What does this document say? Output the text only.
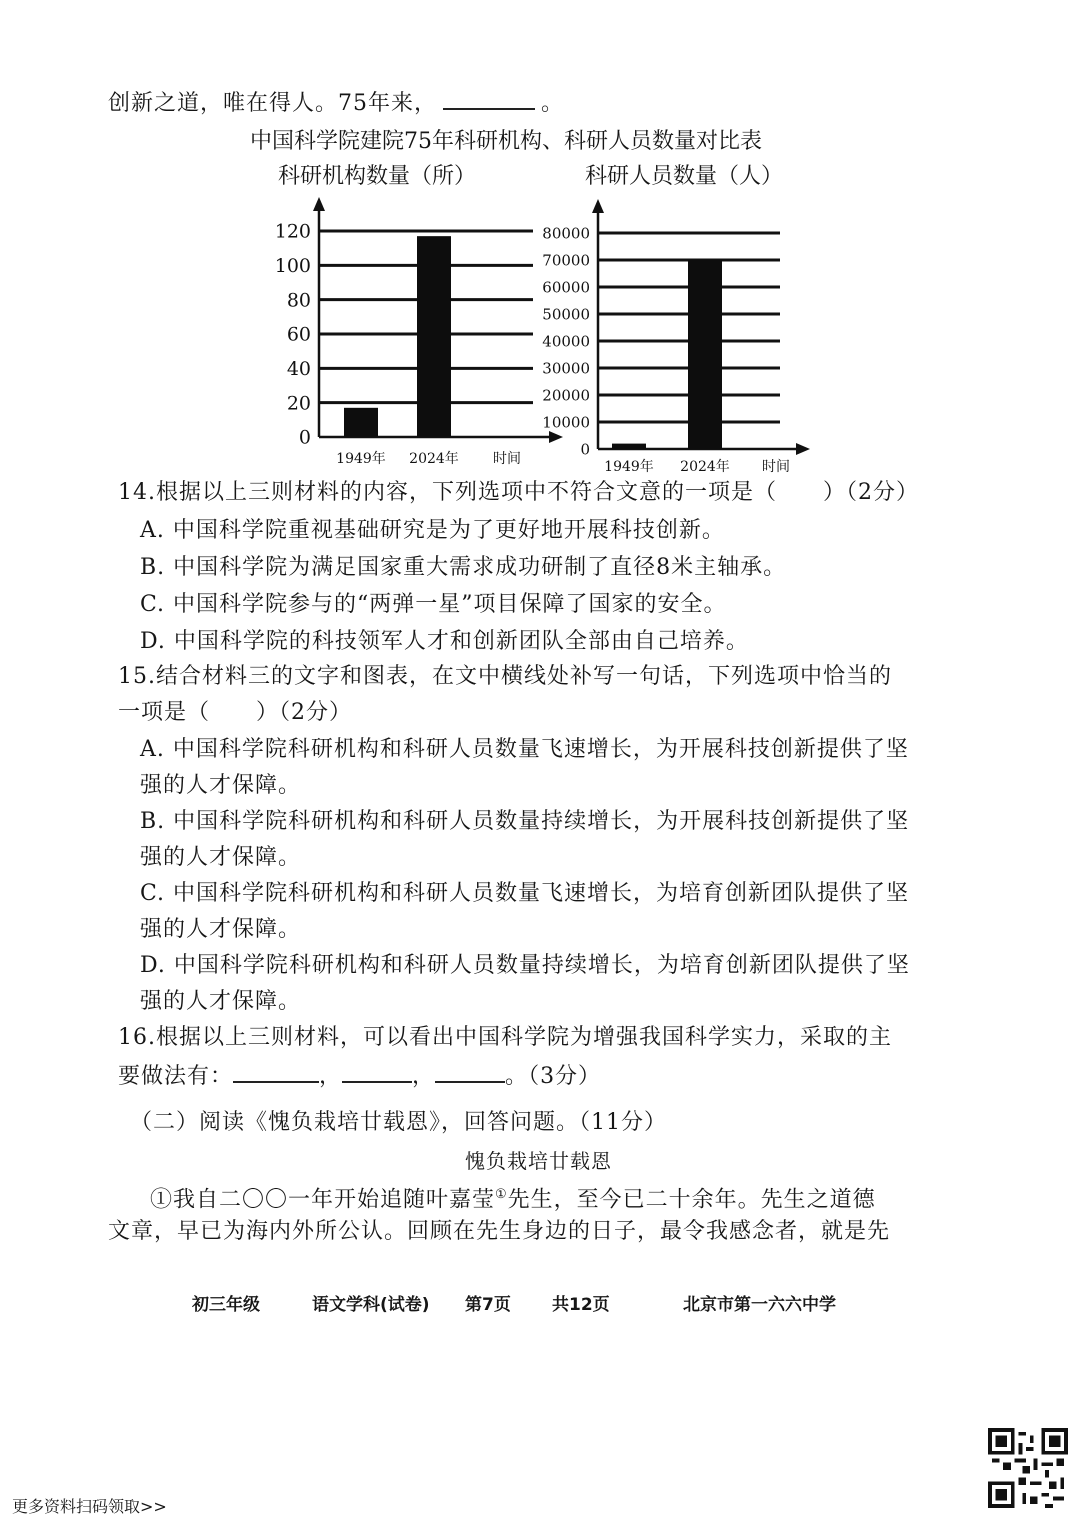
创新之道，唯在得人。75年来，	。
中国科学院建院75年科研机构、科研人员数量对比表
科研机构数量（所）	科研人员数量（人）
0
20
40
60
80
100
120
1949年 2024年 时间
0
10000
20000
30000
40000
50000
60000
70000
80000
1949年 2024年 时间
14.根据以上三则材料的内容，下列选项中不符合文意的一项是（　　）（2分）
A. 中国科学院重视基础研究是为了更好地开展科技创新。
B. 中国科学院为满足国家重大需求成功研制了直径8米主轴承。
C. 中国科学院参与的“两弹一星”项目保障了国家的安全。
D. 中国科学院的科技领军人才和创新团队全部由自己培养。
15.结合材料三的文字和图表，在文中横线处补写一句话，下列选项中恰当的
一项是（　　）（2分）
A. 中国科学院科研机构和科研人员数量飞速增长，为开展科技创新提供了坚
强的人才保障。
B. 中国科学院科研机构和科研人员数量持续增长，为开展科技创新提供了坚
强的人才保障。
C. 中国科学院科研机构和科研人员数量飞速增长，为培育创新团队提供了坚
强的人才保障。
D. 中国科学院科研机构和科研人员数量持续增长，为培育创新团队提供了坚
强的人才保障。
16.根据以上三则材料，可以看出中国科学院为增强我国科学实力，采取的主
要做法有：	，	，	。（3分）
（二）阅读《愧负栽培廿载恩》，回答问题。（11分）
愧负栽培廿载恩
①我自二〇〇一年开始追随叶嘉莹①先生，至今已二十余年。先生之道德
文章，早已为海内外所公认。回顾在先生身边的日子，最令我感念者，就是先
初三年级	语文学科(试卷) 第7页 共12页	北京市第一六六中学
更多资料扫码领取>>
